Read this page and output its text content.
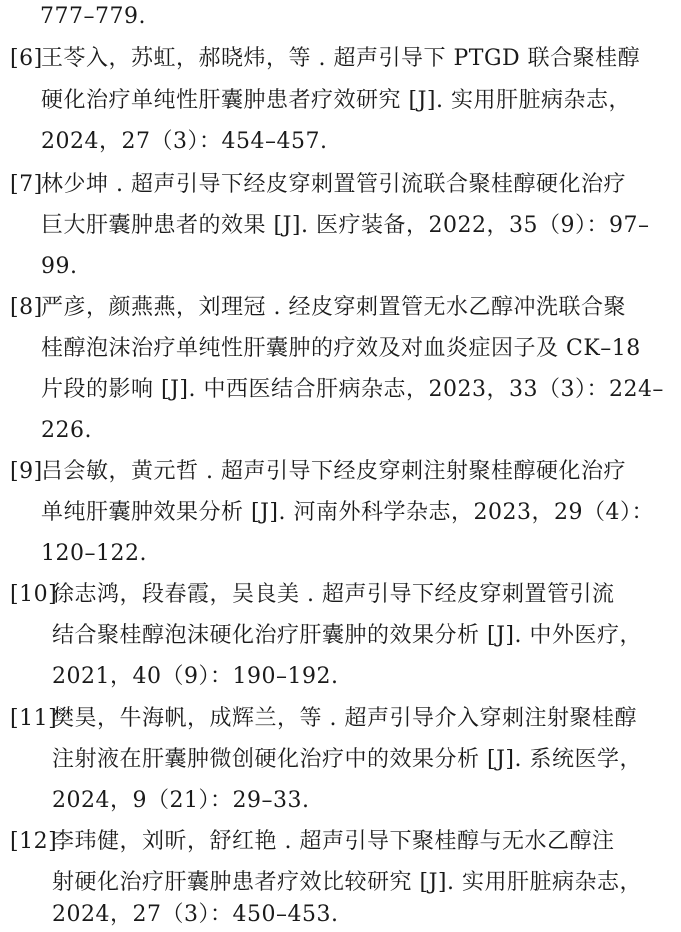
777–779.
[6]
王苓入，苏虹，郝晓炜，等 . 超声引导下 PTGD 联合聚桂醇
硬化治疗单纯性肝囊肿患者疗效研究 [J]. 实用肝脏病杂志，
2024，27（3）：454–457.
[7]
林少坤 . 超声引导下经皮穿刺置管引流联合聚桂醇硬化治疗
巨大肝囊肿患者的效果 [J]. 医疗装备，2022，35（9）：97–
99.
[8]
严彦，颜燕燕，刘理冠 . 经皮穿刺置管无水乙醇冲洗联合聚
桂醇泡沫治疗单纯性肝囊肿的疗效及对血炎症因子及 CK–18
片段的影响 [J]. 中西医结合肝病杂志，2023，33（3）：224–
226.
[9]
吕会敏，黄元哲 . 超声引导下经皮穿刺注射聚桂醇硬化治疗
单纯肝囊肿效果分析 [J]. 河南外科学杂志，2023，29（4）：
120–122.
[10]
徐志鸿，段春霞，吴良美 . 超声引导下经皮穿刺置管引流
结合聚桂醇泡沫硬化治疗肝囊肿的效果分析 [J]. 中外医疗，
2021，40（9）：190–192.
[11]
樊昊，牛海帆，成辉兰，等 . 超声引导介入穿刺注射聚桂醇
注射液在肝囊肿微创硬化治疗中的效果分析 [J]. 系统医学，
2024，9（21）：29–33.
[12]
李玮健，刘昕，舒红艳 . 超声引导下聚桂醇与无水乙醇注
射硬化治疗肝囊肿患者疗效比较研究 [J]. 实用肝脏病杂志，
2024，27（3）：450–453.
